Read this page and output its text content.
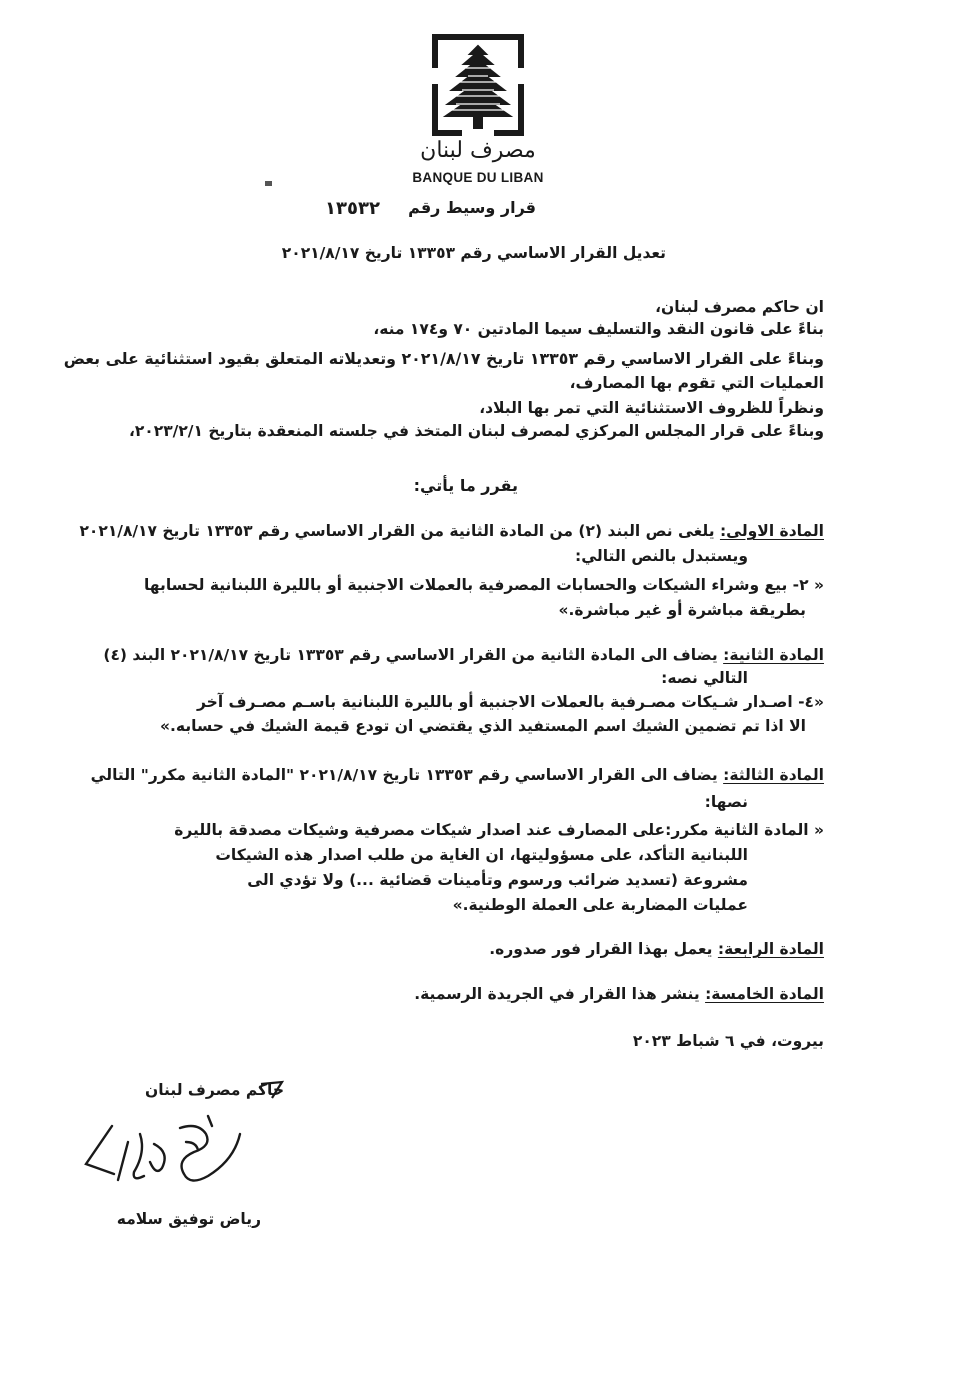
مصرف لبنان
BANQUE DU LIBAN
قرار وسيط رقم
١٣٥٣٢
تعديل القرار الاساسي رقم ١٣٣٥٣ تاريخ ٢٠٢١/٨/١٧
ان حاكم مصرف لبنان،
بناءً على قانون النقد والتسليف سيما المادتين ٧٠ و١٧٤ منه،
وبناءً على القرار الاساسي رقم ١٣٣٥٣ تاريخ ٢٠٢١/٨/١٧ وتعديلاته المتعلق بقيود استثنائية على بعض
العمليات التي تقوم بها المصارف،
ونظراً للظروف الاستثنائية التي تمر بها البلاد،
وبناءً على قرار المجلس المركزي لمصرف لبنان المتخذ في جلسته المنعقدة بتاريخ ٢٠٢٣/٢/١،
يقرر ما يأتي:
المادة الاولى: يلغى نص البند (٢) من المادة الثانية من القرار الاساسي رقم ١٣٣٥٣ تاريخ ٢٠٢١/٨/١٧
ويستبدل بالنص التالي:
« ٢- بيع وشراء الشيكات والحسابات المصرفية بالعملات الاجنبية أو بالليرة اللبنانية لحسابها
بطريقة مباشرة أو غير مباشرة.»
المادة الثانية: يضاف الى المادة الثانية من القرار الاساسي رقم ١٣٣٥٣ تاريخ ٢٠٢١/٨/١٧ البند (٤)
التالي نصه:
«٤- اصـدار شـيكات مصـرفية بالعملات الاجنبية أو بالليرة اللبنانية باسـم مصـرف آخر
الا اذا تم تضمين الشيك اسم المستفيد الذي يقتضي ان تودع قيمة الشيك في حسابه.»
المادة الثالثة: يضاف الى القرار الاساسي رقم ١٣٣٥٣ تاريخ ٢٠٢١/٨/١٧ "المادة الثانية مكرر" التالي
نصها:
« المادة الثانية مكرر:على المصارف عند اصدار شيكات مصرفية وشيكات مصدقة بالليرة
اللبنانية التأكد، على مسؤوليتها، ان الغاية من طلب اصدار هذه الشيكات
مشروعة (تسديد ضرائب ورسوم وتأمينات قضائية ...) ولا تؤدي الى
عمليات المضاربة على العملة الوطنية.»
المادة الرابعة: يعمل بهذا القرار فور صدوره.
المادة الخامسة: ينشر هذا القرار في الجريدة الرسمية.
بيروت، في ٦ شباط ٢٠٢٣
حاكم مصرف لبنان
رياض توفيق سلامه
